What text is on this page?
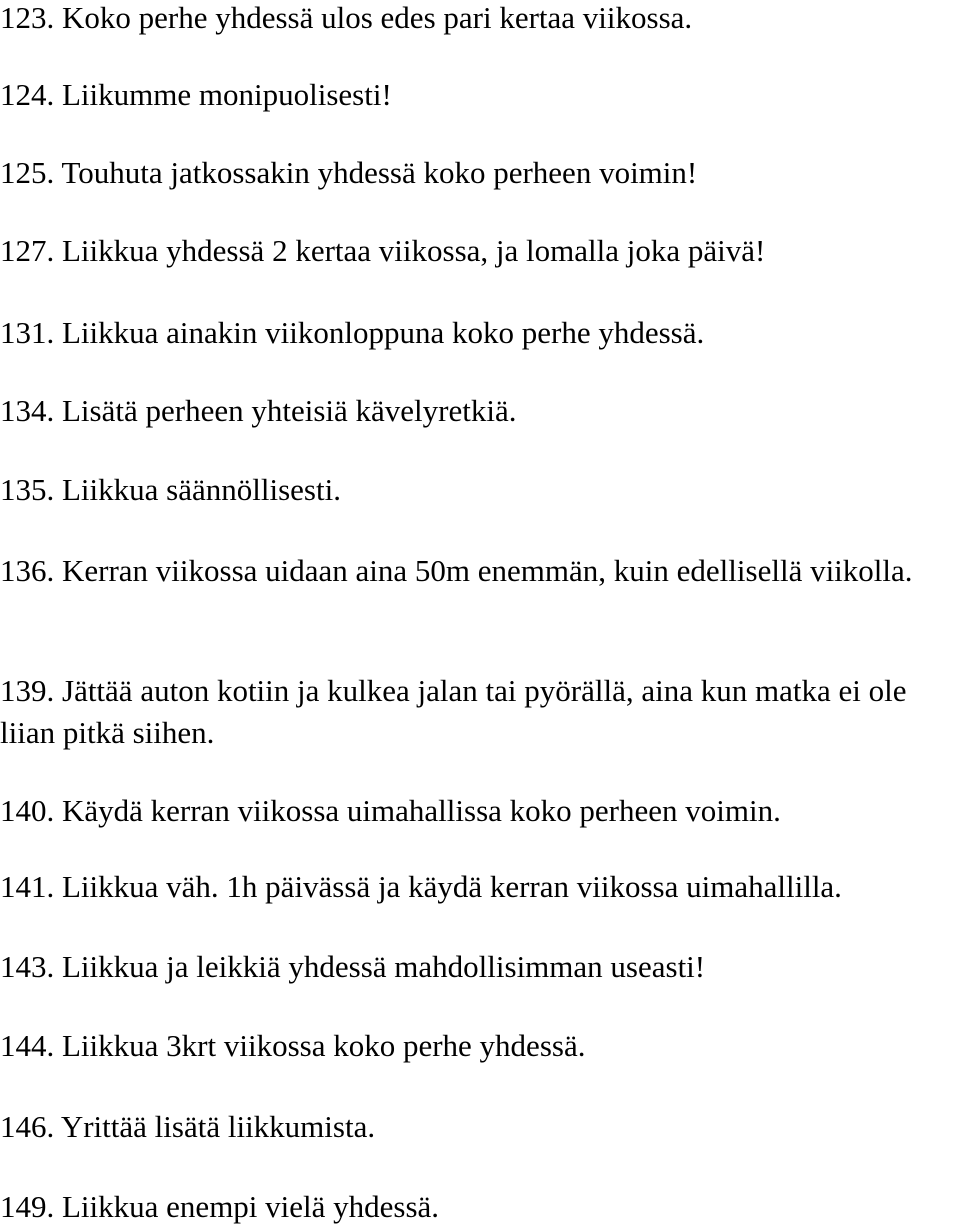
123. Koko perhe yhdessä ulos edes pari kertaa viikossa.

124. Liikumme monipuolisesti!

125. Touhuta jatkossakin yhdessä koko perheen voimin!

127. Liikkua yhdessä 2 kertaa viikossa, ja lomalla joka päivä!

131. Liikkua ainakin viikonloppuna koko perhe yhdessä.

134. Lisätä perheen yhteisiä kävelyretkiä.

135. Liikkua säännöllisesti.

136. Kerran viikossa uidaan aina 50m enemmän, kuin edellisellä viikolla.

139. Jättää auton kotiin ja kulkea jalan tai pyörällä, aina kun matka ei ole liian pitkä siihen.

140. Käydä kerran viikossa uimahallissa koko perheen voimin.

141. Liikkua väh. 1h päivässä ja käydä kerran viikossa uimahallilla.

143. Liikkua ja leikkiä yhdessä mahdollisimman useasti!

144. Liikkua 3krt viikossa koko perhe yhdessä.

146. Yrittää lisätä liikkumista.

149. Liikkua enempi vielä yhdessä.
